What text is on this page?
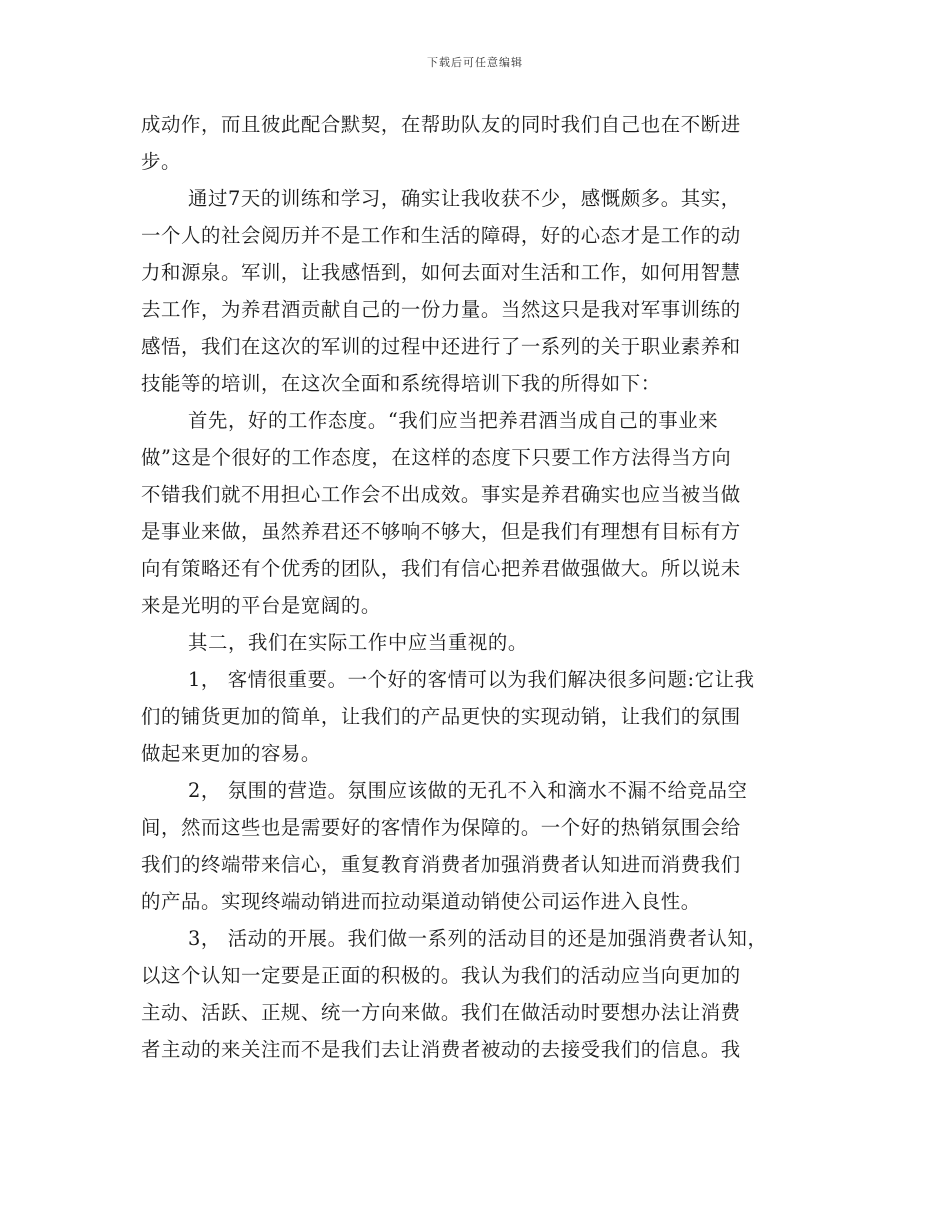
下载后可任意编辑
成动作，而且彼此配合默契，在帮助队友的同时我们自己也在不断进
步。
通过7天的训练和学习，确实让我收获不少，感慨颇多。其实，
一个人的社会阅历并不是工作和生活的障碍，好的心态才是工作的动
力和源泉。军训，让我感悟到，如何去面对生活和工作，如何用智慧
去工作，为养君酒贡献自己的一份力量。当然这只是我对军事训练的
感悟，我们在这次的军训的过程中还进行了一系列的关于职业素养和
技能等的培训，在这次全面和系统得培训下我的所得如下：
首先，好的工作态度。“我们应当把养君酒当成自己的事业来
做”这是个很好的工作态度，在这样的态度下只要工作方法得当方向
不错我们就不用担心工作会不出成效。事实是养君确实也应当被当做
是事业来做，虽然养君还不够响不够大，但是我们有理想有目标有方
向有策略还有个优秀的团队，我们有信心把养君做强做大。所以说未
来是光明的平台是宽阔的。
其二，我们在实际工作中应当重视的。
1， 客情很重要。一个好的客情可以为我们解决很多问题:它让我
们的铺货更加的简单，让我们的产品更快的实现动销，让我们的氛围
做起来更加的容易。
2， 氛围的营造。氛围应该做的无孔不入和滴水不漏不给竞品空
间，然而这些也是需要好的客情作为保障的。一个好的热销氛围会给
我们的终端带来信心，重复教育消费者加强消费者认知进而消费我们
的产品。实现终端动销进而拉动渠道动销使公司运作进入良性。
3， 活动的开展。我们做一系列的活动目的还是加强消费者认知，
以这个认知一定要是正面的积极的。我认为我们的活动应当向更加的
主动、活跃、正规、统一方向来做。我们在做活动时要想办法让消费
者主动的来关注而不是我们去让消费者被动的去接受我们的信息。我
